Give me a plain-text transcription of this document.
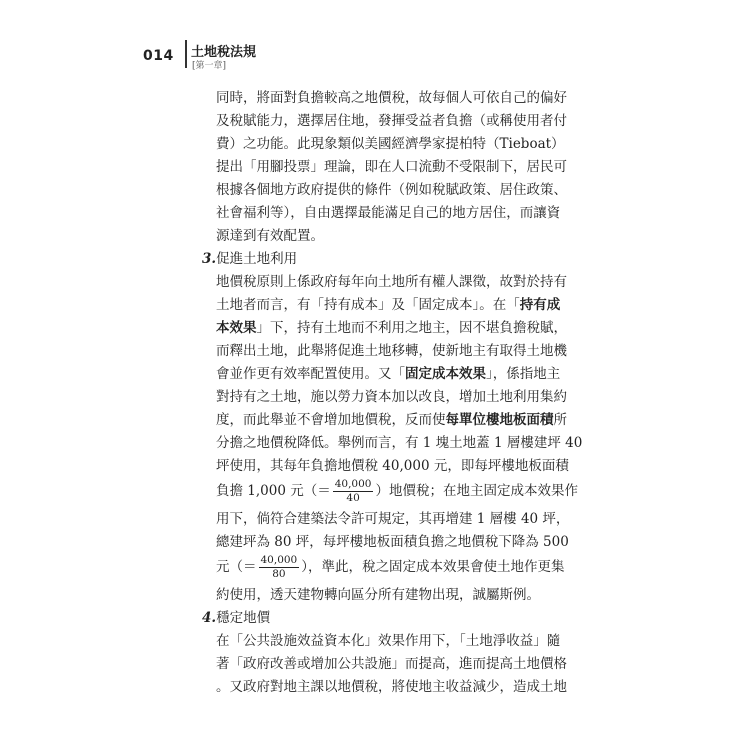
014 土地稅法規
[第一章]
同時，將面對負擔較高之地價稅，故每個人可依自己的偏好
及稅賦能力，選擇居住地，發揮受益者負擔（或稱使用者付
費）之功能。此現象類似美國經濟學家提柏特（Tieboat）
提出「用腳投票」理論，即在人口流動不受限制下，居民可
根據各個地方政府提供的條件（例如稅賦政策、居住政策、
社會福利等），自由選擇最能滿足自己的地方居住，而讓資
源達到有效配置。
3.促進土地利用
地價稅原則上係政府每年向土地所有權人課徵，故對於持有
土地者而言，有「持有成本」及「固定成本」。在「持有成
本效果」下，持有土地而不利用之地主，因不堪負擔稅賦，
而釋出土地，此舉將促進土地移轉，使新地主有取得土地機
會並作更有效率配置使用。又「固定成本效果」，係指地主
對持有之土地，施以勞力資本加以改良，增加土地利用集約
度，而此舉並不會增加地價稅，反而使每單位樓地板面積所
分擔之地價稅降低。舉例而言，有 1 塊土地蓋 1 層樓建坪 40
坪使用，其每年負擔地價稅 40,000 元，即每坪樓地板面積
負擔 1,000 元（＝ $\frac{40,000}{40}$ ）地價稅；在地主固定成本效果作
用下，倘符合建築法令許可規定，其再增建 1 層樓 40 坪，
總建坪為 80 坪，每坪樓地板面積負擔之地價稅下降為 500
元（＝ $\frac{40,000}{80}$ ），準此，稅之固定成本效果會使土地作更集
約使用，透天建物轉向區分所有建物出現，誠屬斯例。
4.穩定地價
在「公共設施效益資本化」效果作用下，「土地淨收益」隨
著「政府改善或增加公共設施」而提高，進而提高土地價格
。又政府對地主課以地價稅，將使地主收益減少，造成土地
